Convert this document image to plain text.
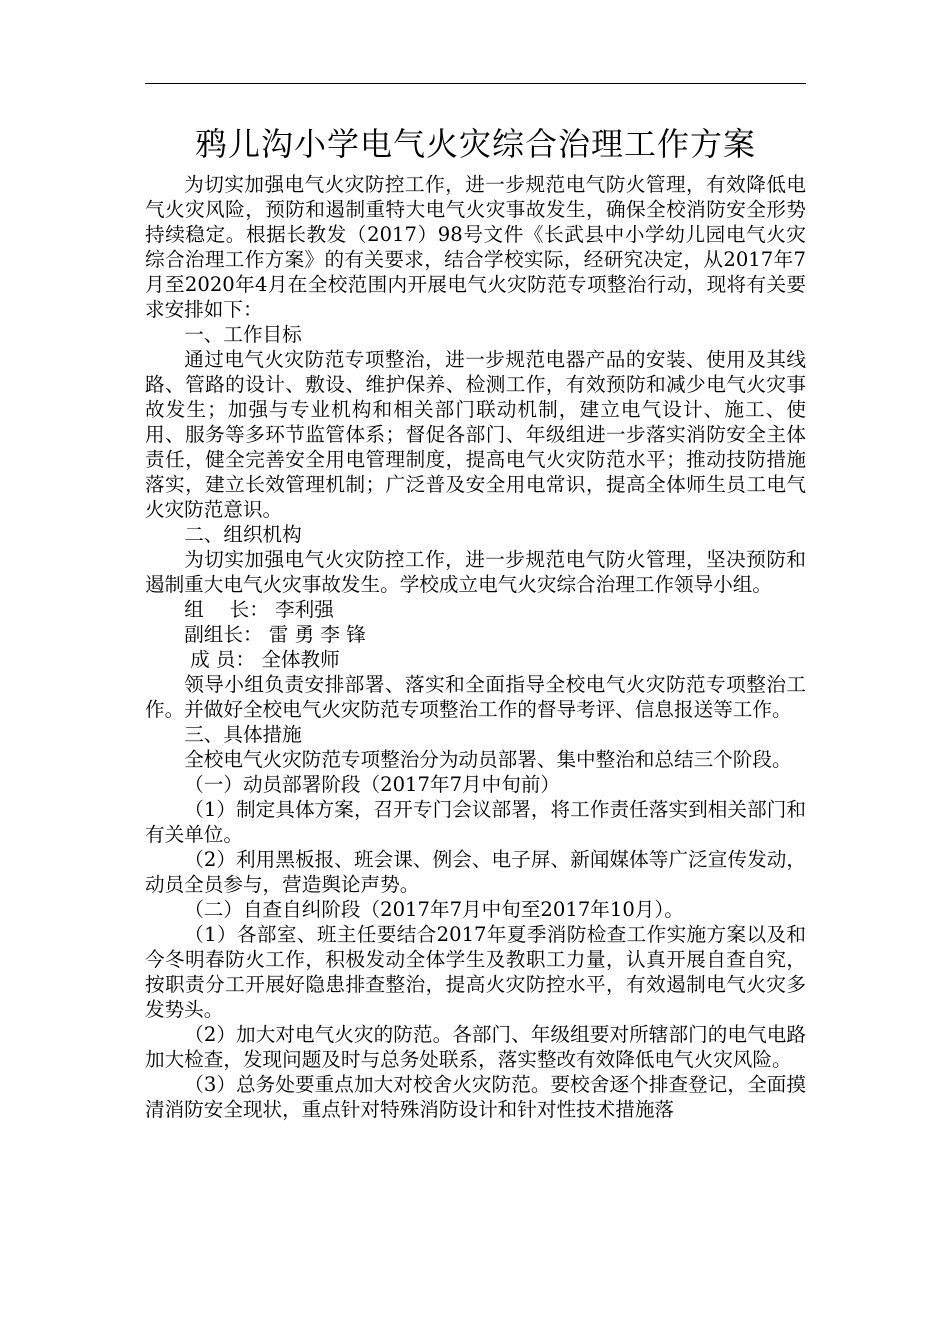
鸦儿沟小学电气火灾综合治理工作方案

为切实加强电气火灾防控工作，进一步规范电气防火管理，有效降低电气火灾风险，预防和遏制重特大电气火灾事故发生，确保全校消防安全形势持续稳定。根据长教发（2017）98号文件《长武县中小学幼儿园电气火灾综合治理工作方案》的有关要求，结合学校实际，经研究决定，从2017年7月至2020年4月在全校范围内开展电气火灾防范专项整治行动，现将有关要求安排如下：

一、工作目标

通过电气火灾防范专项整治，进一步规范电器产品的安装、使用及其线路、管路的设计、敷设、维护保养、检测工作，有效预防和减少电气火灾事故发生；加强与专业机构和相关部门联动机制，建立电气设计、施工、使用、服务等多环节监管体系；督促各部门、年级组进一步落实消防安全主体责任，健全完善安全用电管理制度，提高电气火灾防范水平；推动技防措施落实，建立长效管理机制；广泛普及安全用电常识，提高全体师生员工电气火灾防范意识。

二、组织机构

为切实加强电气火灾防控工作，进一步规范电气防火管理，坚决预防和遏制重大电气火灾事故发生。学校成立电气火灾综合治理工作领导小组。

组　 长： 李利强

副组长： 雷 勇 李 锋

成 员： 全体教师

领导小组负责安排部署、落实和全面指导全校电气火灾防范专项整治工作。并做好全校电气火灾防范专项整治工作的督导考评、信息报送等工作。

三、具体措施

全校电气火灾防范专项整治分为动员部署、集中整治和总结三个阶段。

（一）动员部署阶段（2017年7月中旬前）

（1）制定具体方案，召开专门会议部署，将工作责任落实到相关部门和有关单位。

（2）利用黑板报、班会课、例会、电子屏、新闻媒体等广泛宣传发动，动员全员参与，营造舆论声势。

（二）自查自纠阶段（2017年7月中旬至2017年10月）。

（1）各部室、班主任要结合2017年夏季消防检查工作实施方案以及和今冬明春防火工作，积极发动全体学生及教职工力量，认真开展自查自究，按职责分工开展好隐患排查整治，提高火灾防控水平，有效遏制电气火灾多发势头。

（2）加大对电气火灾的防范。各部门、年级组要对所辖部门的电气电路加大检查，发现问题及时与总务处联系，落实整改有效降低电气火灾风险。

（3）总务处要重点加大对校舍火灾防范。要校舍逐个排查登记，全面摸清消防安全现状，重点针对特殊消防设计和针对性技术措施落
